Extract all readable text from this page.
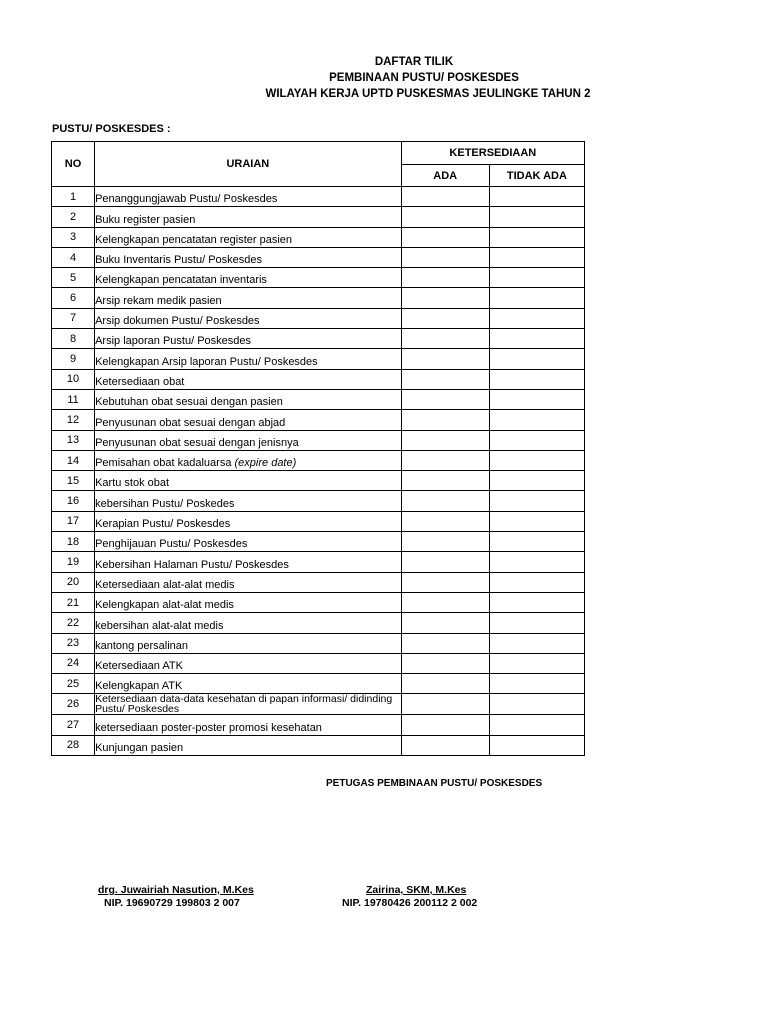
DAFTAR TILIK
PEMBINAAN PUSTU/ POSKESDES
WILAYAH KERJA UPTD PUSKESMAS JEULINGKE TAHUN 2
PUSTU/ POSKESDES :
NO	URAIAN	KETERSEDIAAN	
		ADA	TIDAK ADA
1	Penanggungjawab Pustu/ Poskesdes		
2	Buku register pasien		
3	Kelengkapan pencatatan register pasien		
4	Buku Inventaris Pustu/ Poskesdes		
5	Kelengkapan pencatatan inventaris		
6	Arsip rekam medik pasien		
7	Arsip dokumen Pustu/ Poskesdes		
8	Arsip laporan Pustu/ Poskesdes		
9	Kelengkapan Arsip laporan Pustu/ Poskesdes		
10	Ketersediaan obat		
11	Kebutuhan obat sesuai dengan pasien		
12	Penyusunan obat sesuai dengan abjad		
13	Penyusunan obat sesuai dengan jenisnya		
14	Pemisahan obat kadaluarsa (expire date)		
15	Kartu stok obat		
16	kebersihan Pustu/ Poskedes		
17	Kerapian Pustu/ Poskesdes		
18	Penghijauan Pustu/ Poskesdes		
19	Kebersihan Halaman Pustu/ Poskesdes		
20	Ketersediaan alat-alat medis		
21	Kelengkapan alat-alat medis		
22	kebersihan alat-alat medis		
23	kantong persalinan		
24	Ketersediaan ATK		
25	Kelengkapan ATK		
26	Ketersediaan data-data kesehatan di papan informasi/ didinding Pustu/ Poskesdes		
27	ketersediaan poster-poster promosi kesehatan		
28	Kunjungan pasien		
PETUGAS PEMBINAAN PUSTU/ POSKESDES
drg. Juwairiah Nasution, M.Kes
NIP. 19690729 199803 2 007
Zairina, SKM, M.Kes
NIP. 19780426 200112 2 002
